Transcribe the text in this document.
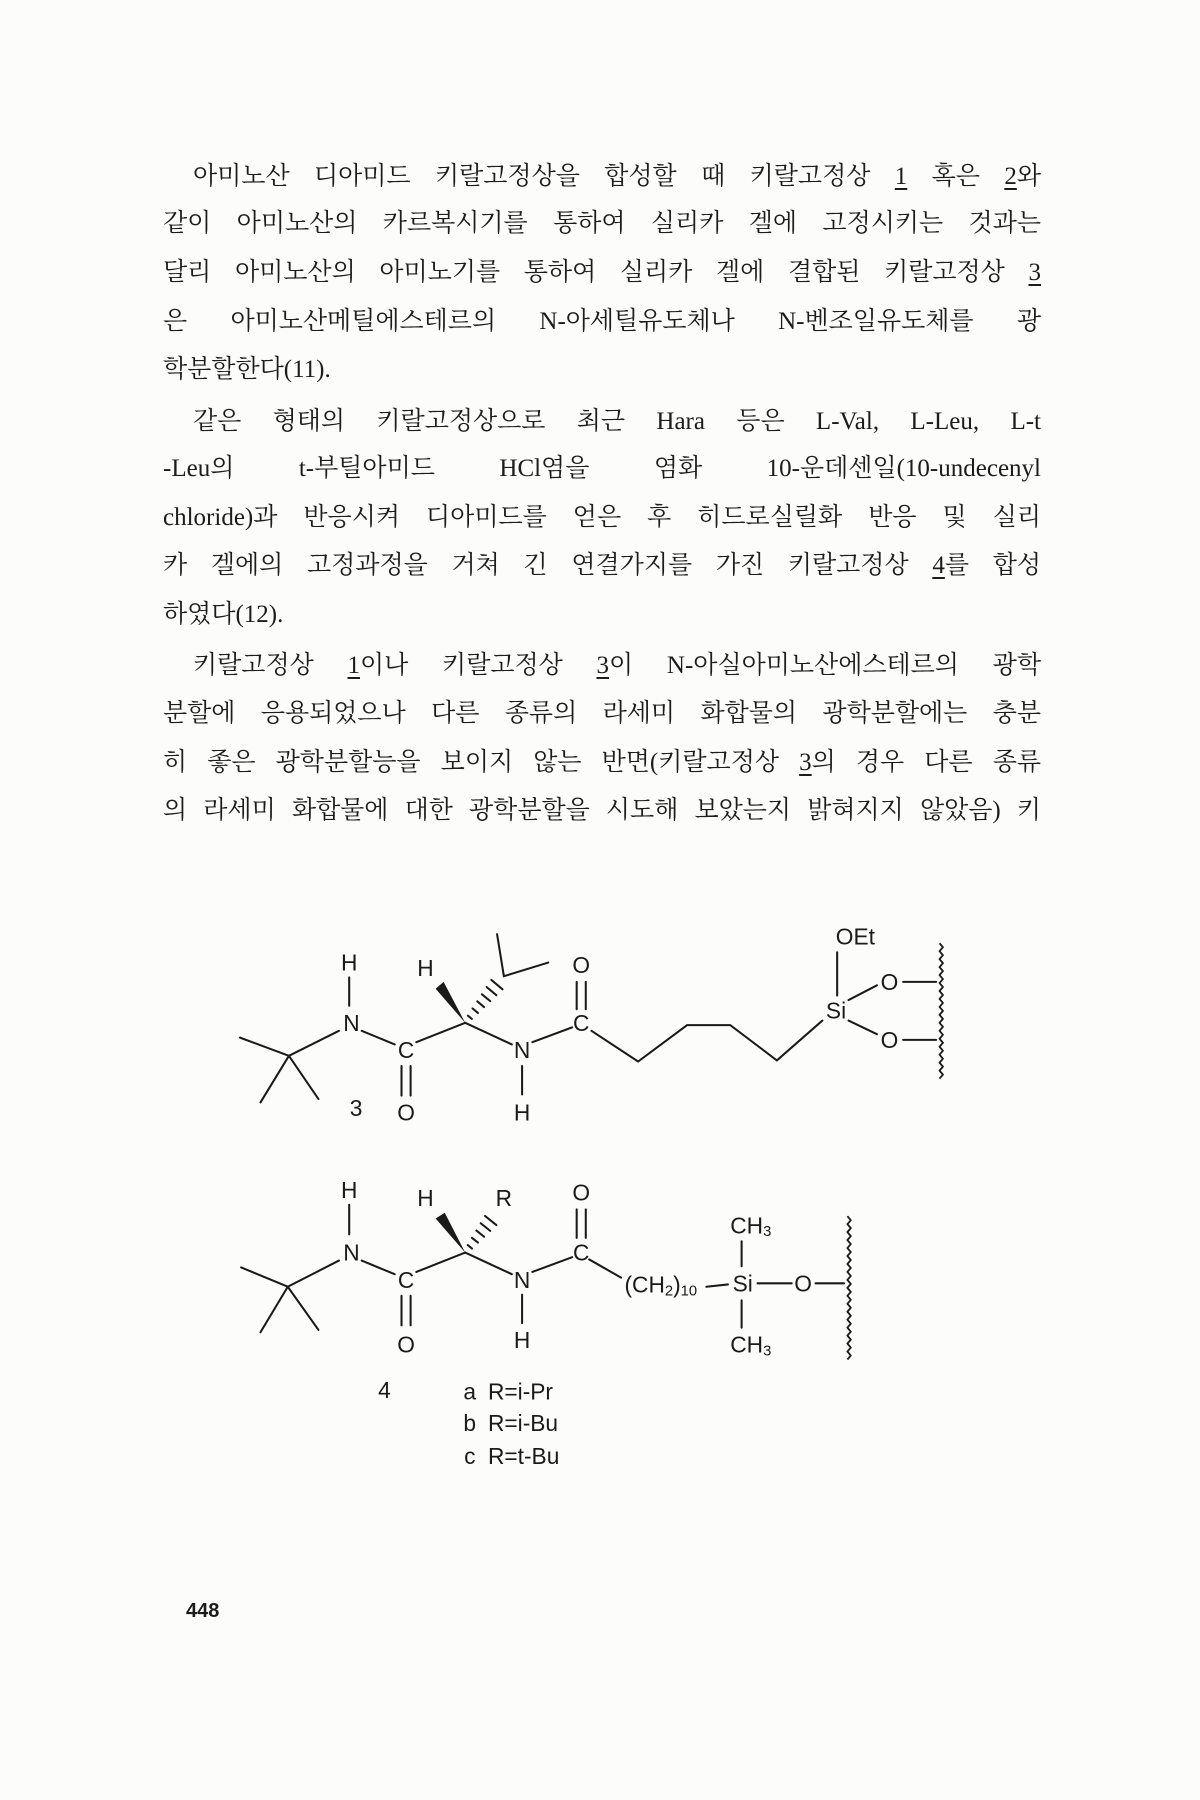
아미노산 디아미드 키랄고정상을 합성할 때 키랄고정상 1 혹은 2와
같이 아미노산의 카르복시기를 통하여 실리카 겔에 고정시키는 것과는
달리 아미노산의 아미노기를 통하여 실리카 겔에 결합된 키랄고정상 3
은 아미노산메틸에스테르의 N-아세틸유도체나 N-벤조일유도체를 광
학분할한다(11).
같은 형태의 키랄고정상으로 최근 Hara 등은 L-Val, L-Leu, L-t
-Leu의 t-부틸아미드 HCl염을 염화 10-운데센일(10-undecenyl
chloride)과 반응시켜 디아미드를 얻은 후 히드로실릴화 반응 및 실리
카 겔에의 고정과정을 거쳐 긴 연결가지를 가진 키랄고정상 4를 합성
하였다(12).
키랄고정상 1이나 키랄고정상 3이 N-아실아미노산에스테르의 광학
분할에 응용되었으나 다른 종류의 라세미 화합물의 광학분할에는 충분
히 좋은 광학분할능을 보이지 않는 반면(키랄고정상 3의 경우 다른 종류
의 라세미 화합물에 대한 광학분할을 시도해 보았는지 밝혀지지 않았음) 키
H
N
C
O
H
N
H
C
O
OEt
Si
O
O
3
H
N
C
O
H	R
N
H
C
O
$(CH_2)_{10}$ Si O
$CH_3$
$CH_3$
4	a R=i-Pr
b R=i-Bu
c R=t-Bu
448
